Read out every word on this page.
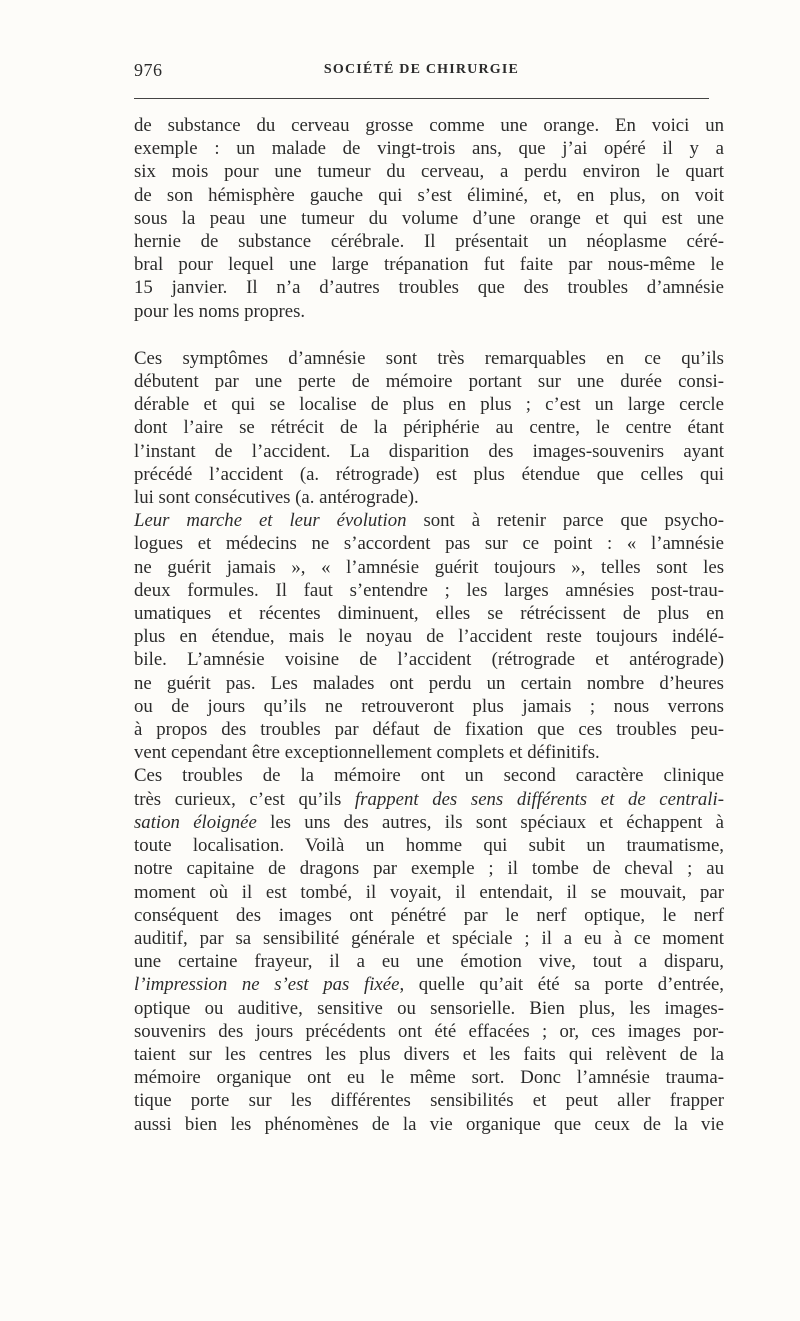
976	SOCIÉTÉ DE CHIRURGIE
de substance du cerveau grosse comme une orange. En voici un
exemple : un malade de vingt-trois ans, que j’ai opéré il y a
six mois pour une tumeur du cerveau, a perdu environ le quart
de son hémisphère gauche qui s’est éliminé, et, en plus, on voit
sous la peau une tumeur du volume d’une orange et qui est une
hernie de substance cérébrale. Il présentait un néoplasme céré-
bral pour lequel une large trépanation fut faite par nous-même le
15 janvier. Il n’a d’autres troubles que des troubles d’amnésie
pour les noms propres.
Ces symptômes d’amnésie sont très remarquables en ce qu’ils
débutent par une perte de mémoire portant sur une durée consi-
dérable et qui se localise de plus en plus ; c’est un large cercle
dont l’aire se rétrécit de la périphérie au centre, le centre étant
l’instant de l’accident. La disparition des images-souvenirs ayant
précédé l’accident (a. rétrograde) est plus étendue que celles qui
lui sont consécutives (a. antérograde).
Leur marche et leur évolution sont à retenir parce que psycho-
logues et médecins ne s’accordent pas sur ce point : « l’amnésie
ne guérit jamais », « l’amnésie guérit toujours », telles sont les
deux formules. Il faut s’entendre ; les larges amnésies post-trau-
umatiques et récentes diminuent, elles se rétrécissent de plus en
plus en étendue, mais le noyau de l’accident reste toujours indélé-
bile. L’amnésie voisine de l’accident (rétrograde et antérograde)
ne guérit pas. Les malades ont perdu un certain nombre d’heures
ou de jours qu’ils ne retrouveront plus jamais ; nous verrons
à propos des troubles par défaut de fixation que ces troubles peu-
vent cependant être exceptionnellement complets et définitifs.
Ces troubles de la mémoire ont un second caractère clinique
très curieux, c’est qu’ils frappent des sens différents et de centrali-
sation éloignée les uns des autres, ils sont spéciaux et échappent à
toute localisation. Voilà un homme qui subit un traumatisme,
notre capitaine de dragons par exemple ; il tombe de cheval ; au
moment où il est tombé, il voyait, il entendait, il se mouvait, par
conséquent des images ont pénétré par le nerf optique, le nerf
auditif, par sa sensibilité générale et spéciale ; il a eu à ce moment
une certaine frayeur, il a eu une émotion vive, tout a disparu,
l’impression ne s’est pas fixée, quelle qu’ait été sa porte d’entrée,
optique ou auditive, sensitive ou sensorielle. Bien plus, les images-
souvenirs des jours précédents ont été effacées ; or, ces images por-
taient sur les centres les plus divers et les faits qui relèvent de la
mémoire organique ont eu le même sort. Donc l’amnésie trauma-
tique porte sur les différentes sensibilités et peut aller frapper
aussi bien les phénomènes de la vie organique que ceux de la vie
